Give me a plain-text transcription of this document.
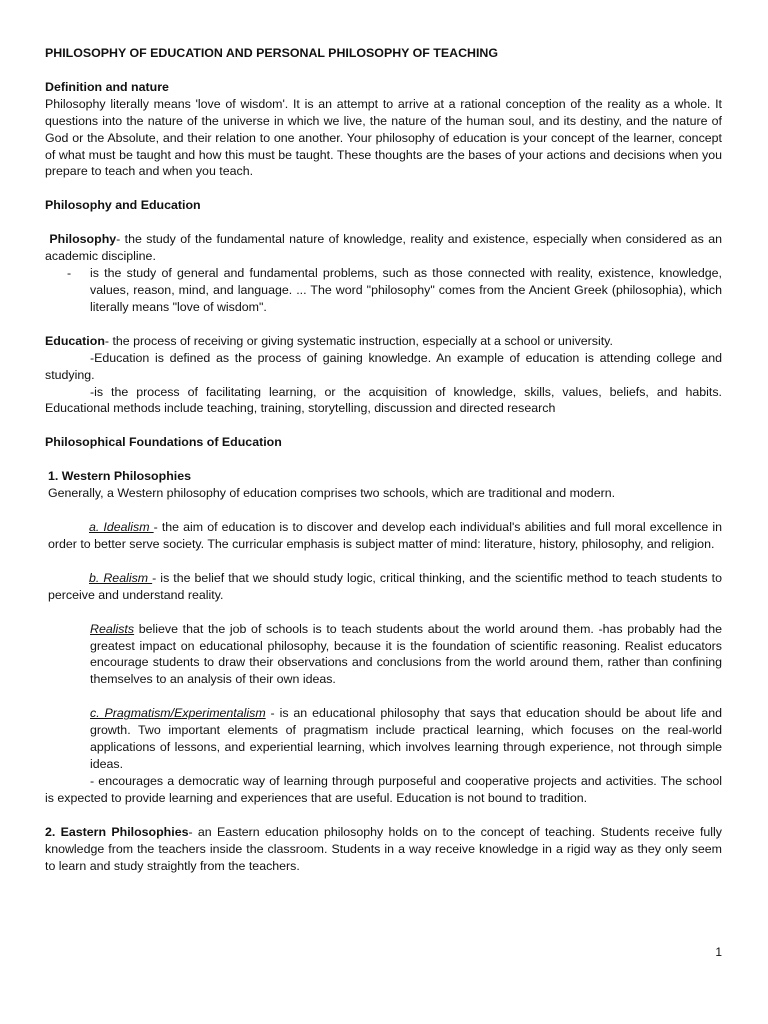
PHILOSOPHY OF EDUCATION AND PERSONAL PHILOSOPHY OF TEACHING

Definition and nature

Philosophy literally means 'love of wisdom'. It is an attempt to arrive at a rational conception of the reality as a whole. It questions into the nature of the universe in which we live, the nature of the human soul, and its destiny, and the nature of God or the Absolute, and their relation to one another. Your philosophy of education is your concept of the learner, concept of what must be taught and how this must be taught. These thoughts are the bases of your actions and decisions when you prepare to teach and when you teach.

Philosophy and Education

Philosophy- the study of the fundamental nature of knowledge, reality and existence, especially when considered as an academic discipline.

- is the study of general and fundamental problems, such as those connected with reality, existence, knowledge, values, reason, mind, and language. ... The word "philosophy" comes from the Ancient Greek (philosophia), which literally means "love of wisdom".

Education- the process of receiving or giving systematic instruction, especially at a school or university.

-Education is defined as the process of gaining knowledge. An example of education is attending college and studying.

-is the process of facilitating learning, or the acquisition of knowledge, skills, values, beliefs, and habits. Educational methods include teaching, training, storytelling, discussion and directed research

Philosophical Foundations of Education

1. Western Philosophies

Generally, a Western philosophy of education comprises two schools, which are traditional and modern.

a. Idealism - the aim of education is to discover and develop each individual's abilities and full moral excellence in order to better serve society. The curricular emphasis is subject matter of mind: literature, history, philosophy, and religion.

b. Realism - is the belief that we should study logic, critical thinking, and the scientific method to teach students to perceive and understand reality.

Realists believe that the job of schools is to teach students about the world around them. -has probably had the greatest impact on educational philosophy, because it is the foundation of scientific reasoning. Realist educators encourage students to draw their observations and conclusions from the world around them, rather than confining themselves to an analysis of their own ideas.

c. Pragmatism/Experimentalism - is an educational philosophy that says that education should be about life and growth. Two important elements of pragmatism include practical learning, which focuses on the real-world applications of lessons, and experiential learning, which involves learning through experience, not through simple ideas.

- encourages a democratic way of learning through purposeful and cooperative projects and activities. The school is expected to provide learning and experiences that are useful. Education is not bound to tradition.

2. Eastern Philosophies- an Eastern education philosophy holds on to the concept of teaching. Students receive fully knowledge from the teachers inside the classroom. Students in a way receive knowledge in a rigid way as they only seem to learn and study straightly from the teachers.

1
